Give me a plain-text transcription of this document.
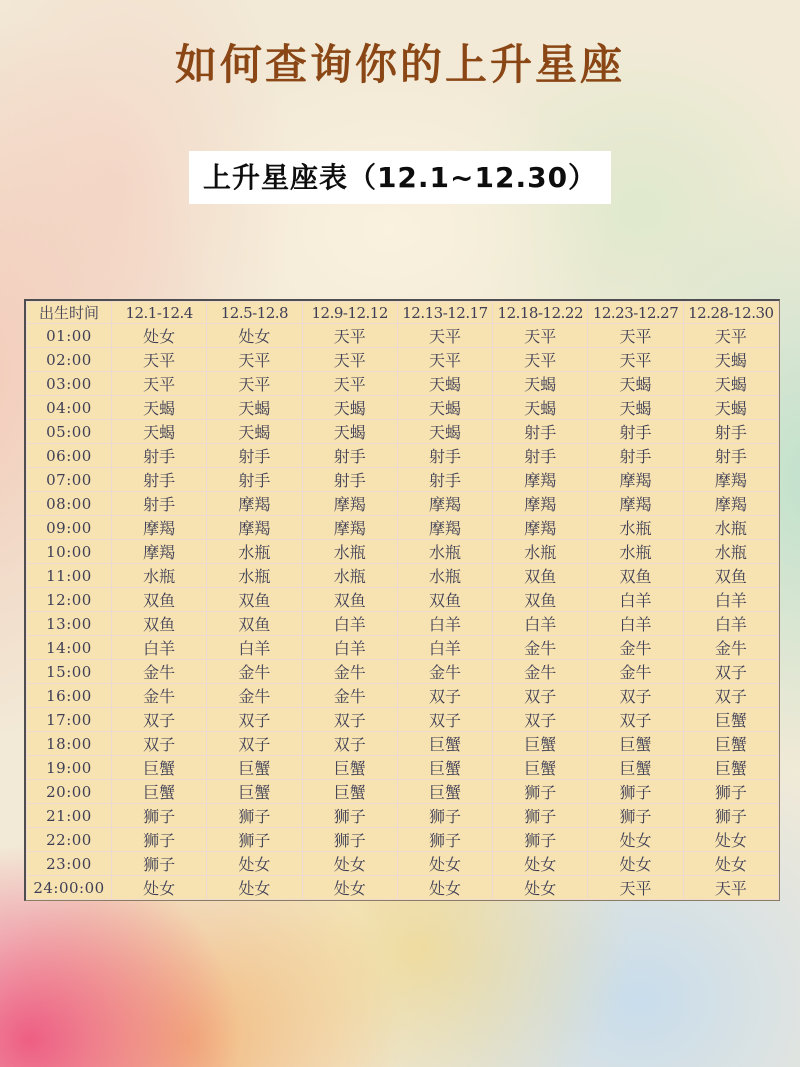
如何查询你的上升星座
上升星座表（12.1~12.30）
出生时间	12.1-12.4	12.5-12.8	12.9-12.12	12.13-12.17	12.18-12.22	12.23-12.27	12.28-12.30
01:00	处女	处女	天平	天平	天平	天平	天平
02:00	天平	天平	天平	天平	天平	天平	天蝎
03:00	天平	天平	天平	天蝎	天蝎	天蝎	天蝎
04:00	天蝎	天蝎	天蝎	天蝎	天蝎	天蝎	天蝎
05:00	天蝎	天蝎	天蝎	天蝎	射手	射手	射手
06:00	射手	射手	射手	射手	射手	射手	射手
07:00	射手	射手	射手	射手	摩羯	摩羯	摩羯
08:00	射手	摩羯	摩羯	摩羯	摩羯	摩羯	摩羯
09:00	摩羯	摩羯	摩羯	摩羯	摩羯	水瓶	水瓶
10:00	摩羯	水瓶	水瓶	水瓶	水瓶	水瓶	水瓶
11:00	水瓶	水瓶	水瓶	水瓶	双鱼	双鱼	双鱼
12:00	双鱼	双鱼	双鱼	双鱼	双鱼	白羊	白羊
13:00	双鱼	双鱼	白羊	白羊	白羊	白羊	白羊
14:00	白羊	白羊	白羊	白羊	金牛	金牛	金牛
15:00	金牛	金牛	金牛	金牛	金牛	金牛	双子
16:00	金牛	金牛	金牛	双子	双子	双子	双子
17:00	双子	双子	双子	双子	双子	双子	巨蟹
18:00	双子	双子	双子	巨蟹	巨蟹	巨蟹	巨蟹
19:00	巨蟹	巨蟹	巨蟹	巨蟹	巨蟹	巨蟹	巨蟹
20:00	巨蟹	巨蟹	巨蟹	巨蟹	狮子	狮子	狮子
21:00	狮子	狮子	狮子	狮子	狮子	狮子	狮子
22:00	狮子	狮子	狮子	狮子	狮子	处女	处女
23:00	狮子	处女	处女	处女	处女	处女	处女
24:00:00	处女	处女	处女	处女	处女	天平	天平
